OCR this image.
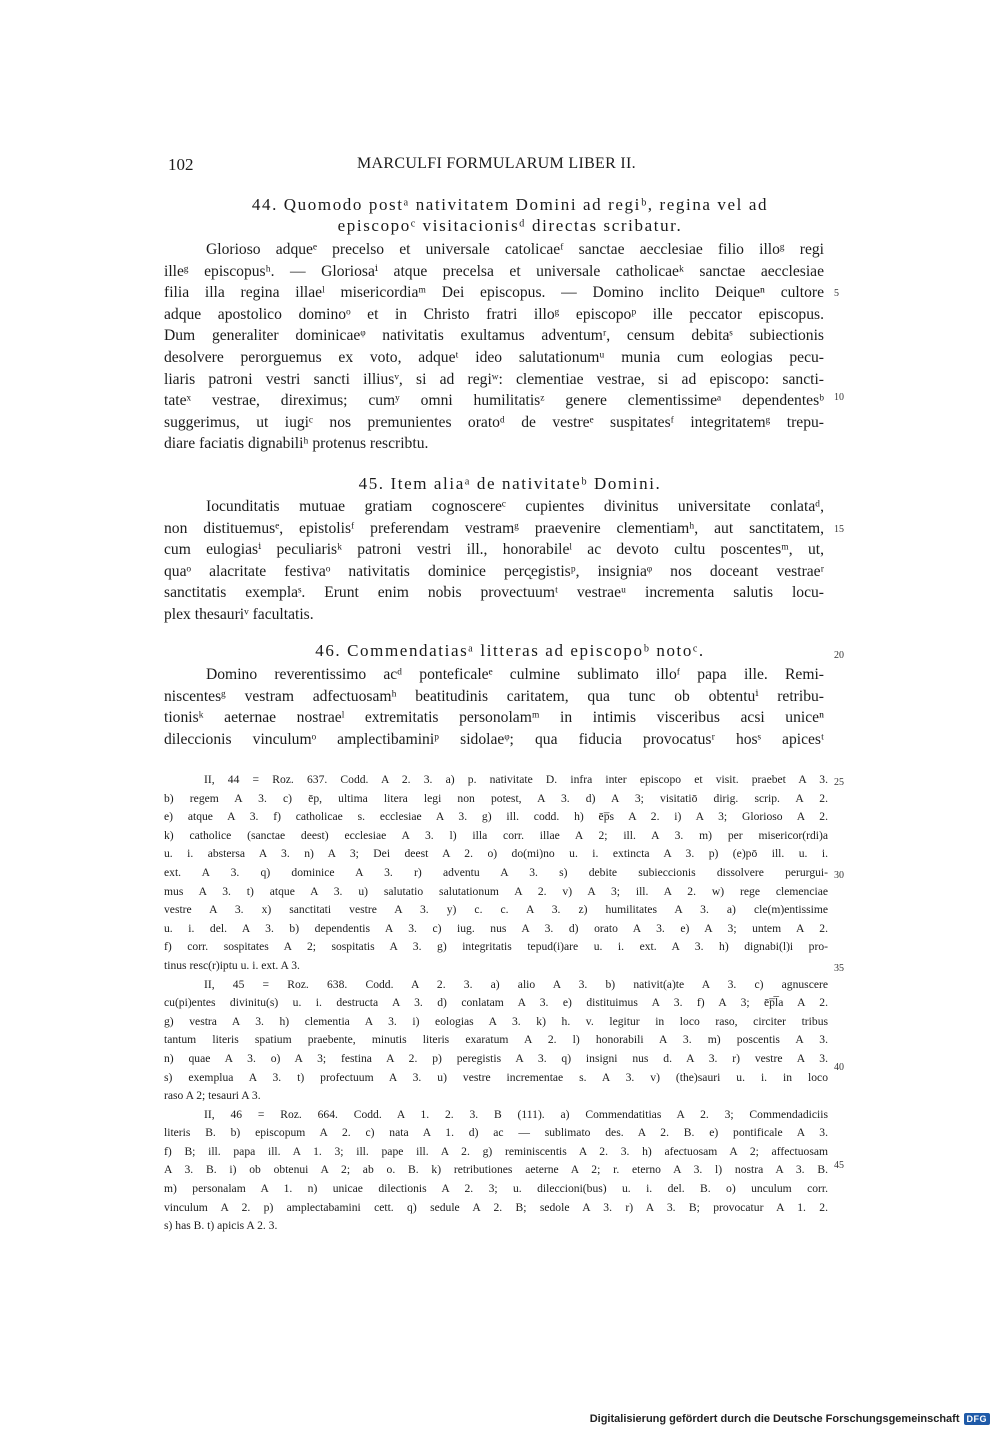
102	MARCULFI FORMULARUM LIBER II.
44. Quomodo postᵃ nativitatem Domini ad regiᵇ, regina vel ad
episcopoᶜ visitacionisᵈ directas scribatur.
Glorioso adqueᵉ precelso et universale catolicaeᶠ sanctae aecclesiae filio illoᵍ regi
illeᵍ episcopusʰ. — Gloriosaⁱ atque precelsa et universale catholicaeᵏ sanctae aecclesiae
filia illa regina illaeˡ misericordiaᵐ Dei episcopus. — Domino inclito Deiqueⁿ cultore
adque apostolico dominoᵒ et in Christo fratri illoᵍ episcopoᵖ ille peccator episcopus.
Dum generaliter dominicaeᵠ nativitatis exultamus adventumʳ, censum debitaˢ subiectionis
desolvere perorguemus ex voto, adqueᵗ ideo salutationumᵘ munia cum eologias pecu-
liaris patroni vestri sancti illiusᵛ, si ad regiʷ: clementiae vestrae, si ad episcopo: sancti-
tateˣ vestrae, direximus; cumʸ omni humilitatisᶻ genere clementissimeᵃ dependentesᵇ
suggerimus, ut iugiᶜ nos premunientes oratoᵈ de vestreᵉ suspitatesᶠ integritatemᵍ trepu-
diare faciatis dignabiliʰ protenus rescribtu.
5
10
45. Item aliaᵃ de nativitateᵇ Domini.
Iocunditatis mutuae gratiam cognoscereᶜ cupientes divinitus universitate conlataᵈ,
non distituemusᵉ, epistolisᶠ preferendam vestramᵍ praevenire clementiamʰ, aut sanctitatem,
cum eulogiasⁱ peculiarisᵏ patroni vestri ill., honorabileˡ ac devoto cultu poscentesᵐ, ut,
quaᵒ alacritate festivaᵒ nativitatis dominice perc̨egistisᵖ, insigniaᵠ nos doceant vestraeʳ
sanctitatis exemplaˢ. Erunt enim nobis provectuumᵗ vestraeᵘ incrementa salutis locu-
plex thesauriᵛ facultatis.
15
46. Commendatiasᵃ litteras ad episcopoᵇ notoᶜ.
Domino reverentissimo acᵈ ponteficaleᵉ culmine sublimato illoᶠ papa ille. Remi-
niscentesᵍ vestram adfectuosamʰ beatitudinis caritatem, qua tunc ob obtentuⁱ retribu-
tionisᵏ aeternae nostraeˡ extremitatis personolamᵐ in intimis visceribus acsi uniceⁿ
dileccionis vinculumᵒ amplectibaminiᵖ sidolaeᵠ; qua fiducia provocatusʳ hosˢ apicesᵗ
20
II, 44 = Roz. 637. Codd. A 2. 3. a) p. nativitate D. infra inter episcopo et visit. praebet A 3.
b) regem A 3. c) ēp, ultima litera legi non potest, A 3. d) A 3; visitatiō dirig. scrip. A 2.
e) atque A 3. f) catholicae s. ecclesiae A 3. g) ill. codd. h) ēp̅s A 2. i) A 3; Glorioso A 2.
k) catholice (sanctae deest) ecclesiae A 3. l) illa corr. illae A 2; ill. A 3. m) per misericor(rdi)a
u. i. abstersa A 3. n) A 3; Dei deest A 2. o) do(mi)no u. i. extincta A 3. p) (e)pō ill. u. i.
ext. A 3. q) dominice A 3. r) adventu A 3. s) debite subieccionis dissolvere perurgui-
mus A 3. t) atque A 3. u) salutatio salutationum A 2. v) A 3; ill. A 2. w) rege clemenciae
vestre A 3. x) sanctitati vestre A 3. y) c. c. A 3. z) humilitates A 3. a) cle(m)entissime
u. i. del. A 3. b) dependentis A 3. c) iug. nus A 3. d) orato A 3. e) A 3; untem A 2.
f) corr. sospitates A 2; sospitatis A 3. g) integritatis tepud(i)are u. i. ext. A 3. h) dignabi(l)i pro-
tinus resc(r)iptu u. i. ext. A 3.
II, 45 = Roz. 638. Codd. A 2. 3. a) alio A 3. b) nativit(a)te A 3. c) agnuscere
cu(pi)entes divinitu(s) u. i. destructa A 3. d) conlatam A 3. e) distituimus A 3. f) A 3; ēp̅l̅a A 2.
g) vestra A 3. h) clementia A 3. i) eologias A 3. k) h. v. legitur in loco raso, circiter tribus
tantum literis spatium praebente, minutis literis exaratum A 2. l) honorabili A 3. m) poscentis A 3.
n) quae A 3. o) A 3; festina A 2. p) peregistis A 3. q) insigni nus d. A 3. r) vestre A 3.
s) exemplua A 3. t) profectuum A 3. u) vestre incrementae s. A 3. v) (the)sauri u. i. in loco
raso A 2; tesauri A 3.
II, 46 = Roz. 664. Codd. A 1. 2. 3. B (111). a) Commendatitias A 2. 3; Commendadiciis
literis B. b) episcopum A 2. c) nata A 1. d) ac — sublimato des. A 2. B. e) pontificale A 3.
f) B; ill. papa ill. A 1. 3; ill. pape ill. A 2. g) reminiscentis A 2. 3. h) afectuosam A 2; affectuosam
A 3. B. i) ob obtenui A 2; ab o. B. k) retributiones aeterne A 2; r. eterno A 3. l) nostra A 3. B.
m) personalam A 1. n) unicae dilectionis A 2. 3; u. dileccioni(bus) u. i. del. B. o) unculum corr.
vinculum A 2. p) amplectabamini cett. q) sedule A 2. B; sedole A 3. r) A 3. B; provocatur A 1. 2.
s) has B. t) apicis A 2. 3.
25
30
35
40
45
Digitalisierung gefördert durch die Deutsche Forschungsgemeinschaft DFG
